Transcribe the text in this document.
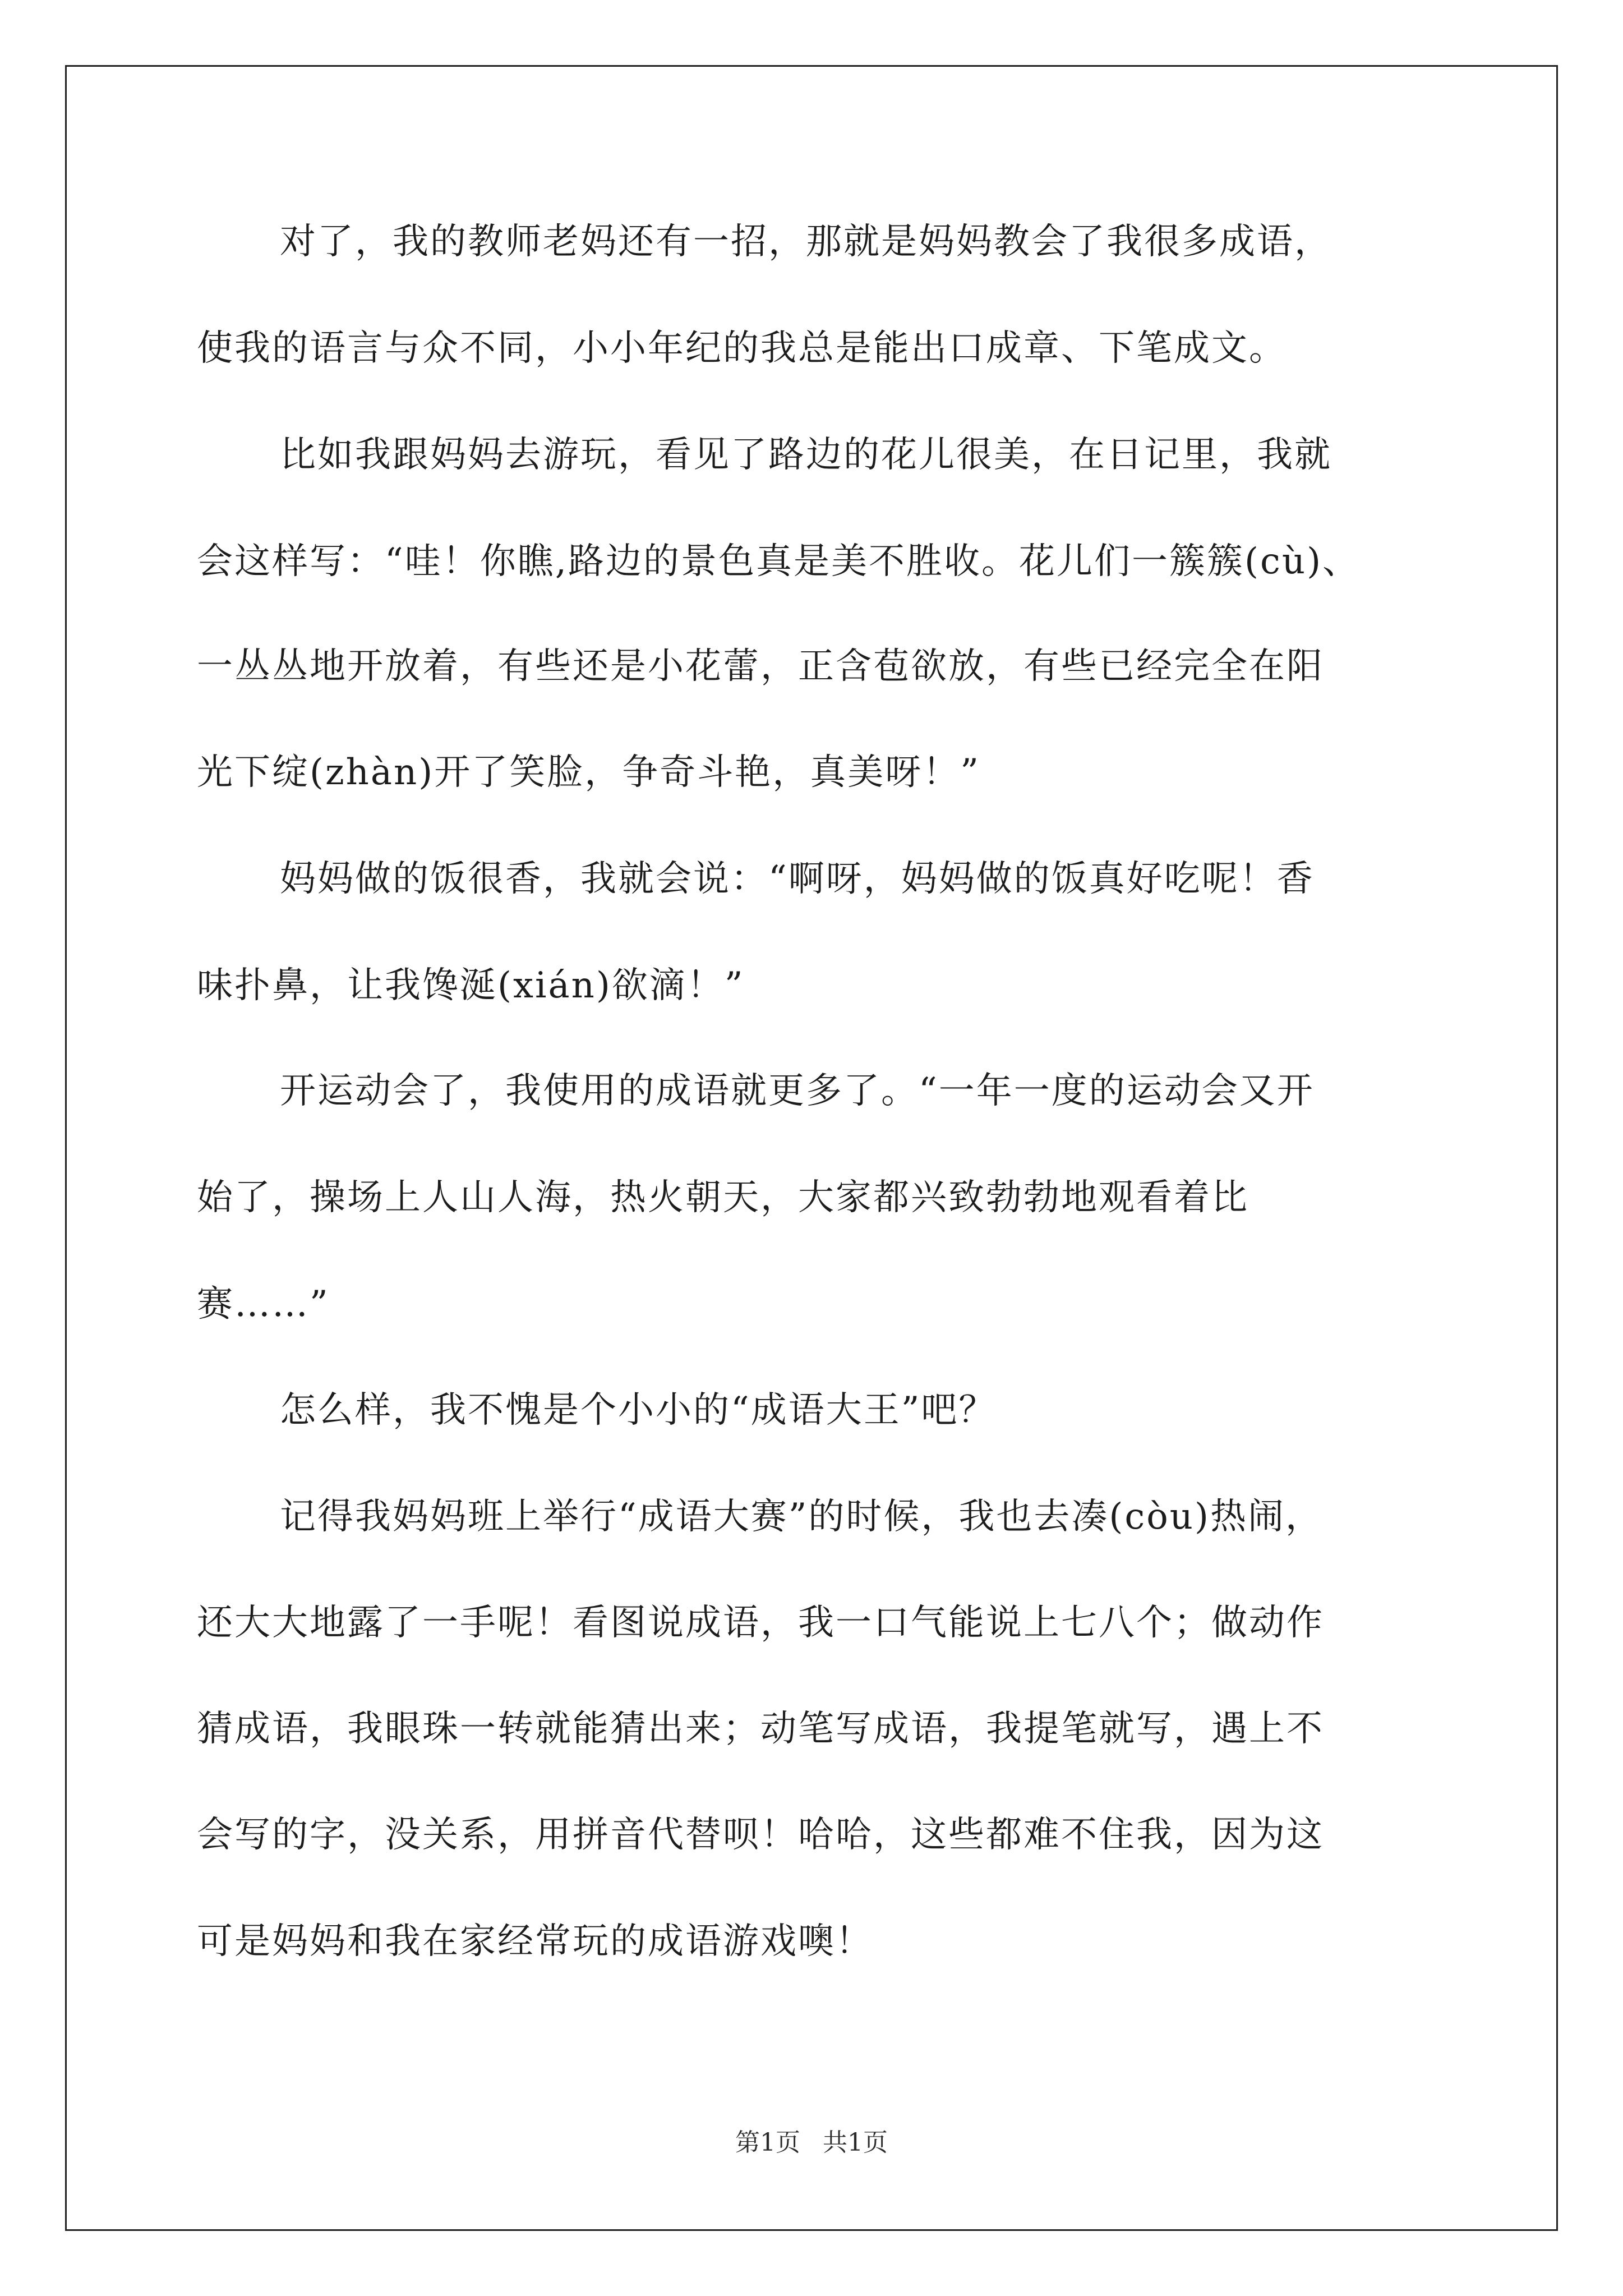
对了，我的教师老妈还有一招，那就是妈妈教会了我很多成语，
使我的语言与众不同，小小年纪的我总是能出口成章、下笔成文。
比如我跟妈妈去游玩，看见了路边的花儿很美，在日记里，我就
会这样写：“哇！你瞧,路边的景色真是美不胜收。花儿们一簇簇(cù)、
一丛丛地开放着，有些还是小花蕾，正含苞欲放，有些已经完全在阳
光下绽(zhàn)开了笑脸，争奇斗艳，真美呀！”
妈妈做的饭很香，我就会说：“啊呀，妈妈做的饭真好吃呢！香
味扑鼻，让我馋涎(xián)欲滴！”
开运动会了，我使用的成语就更多了。“一年一度的运动会又开
始了，操场上人山人海，热火朝天，大家都兴致勃勃地观看着比
赛……”
怎么样，我不愧是个小小的“成语大王”吧？
记得我妈妈班上举行“成语大赛”的时候，我也去凑(còu)热闹，
还大大地露了一手呢！看图说成语，我一口气能说上七八个；做动作
猜成语，我眼珠一转就能猜出来；动笔写成语，我提笔就写，遇上不
会写的字，没关系，用拼音代替呗！哈哈，这些都难不住我，因为这
可是妈妈和我在家经常玩的成语游戏噢！
第1页 共1页
